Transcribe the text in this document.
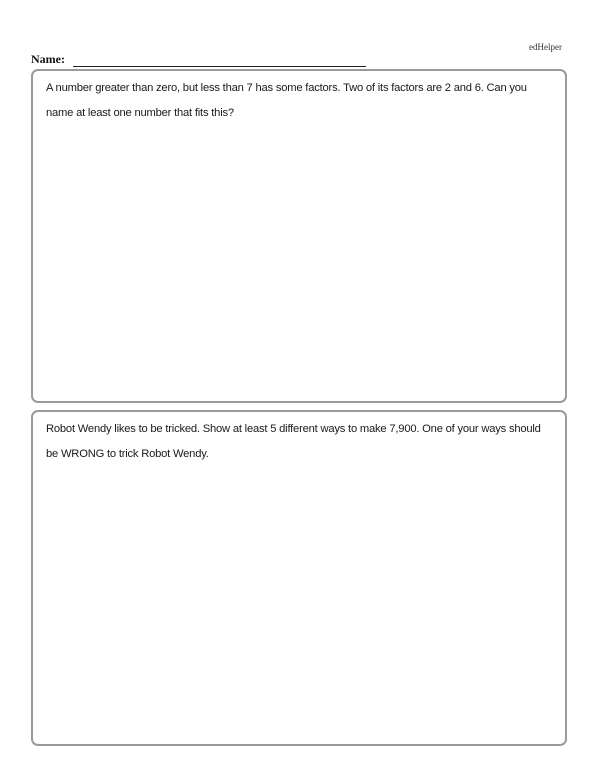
edHelper
Name:
A number greater than zero, but less than 7 has some factors. Two of its factors are 2 and 6. Can you name at least one number that fits this?
Robot Wendy likes to be tricked. Show at least 5 different ways to make 7,900. One of your ways should be WRONG to trick Robot Wendy.
